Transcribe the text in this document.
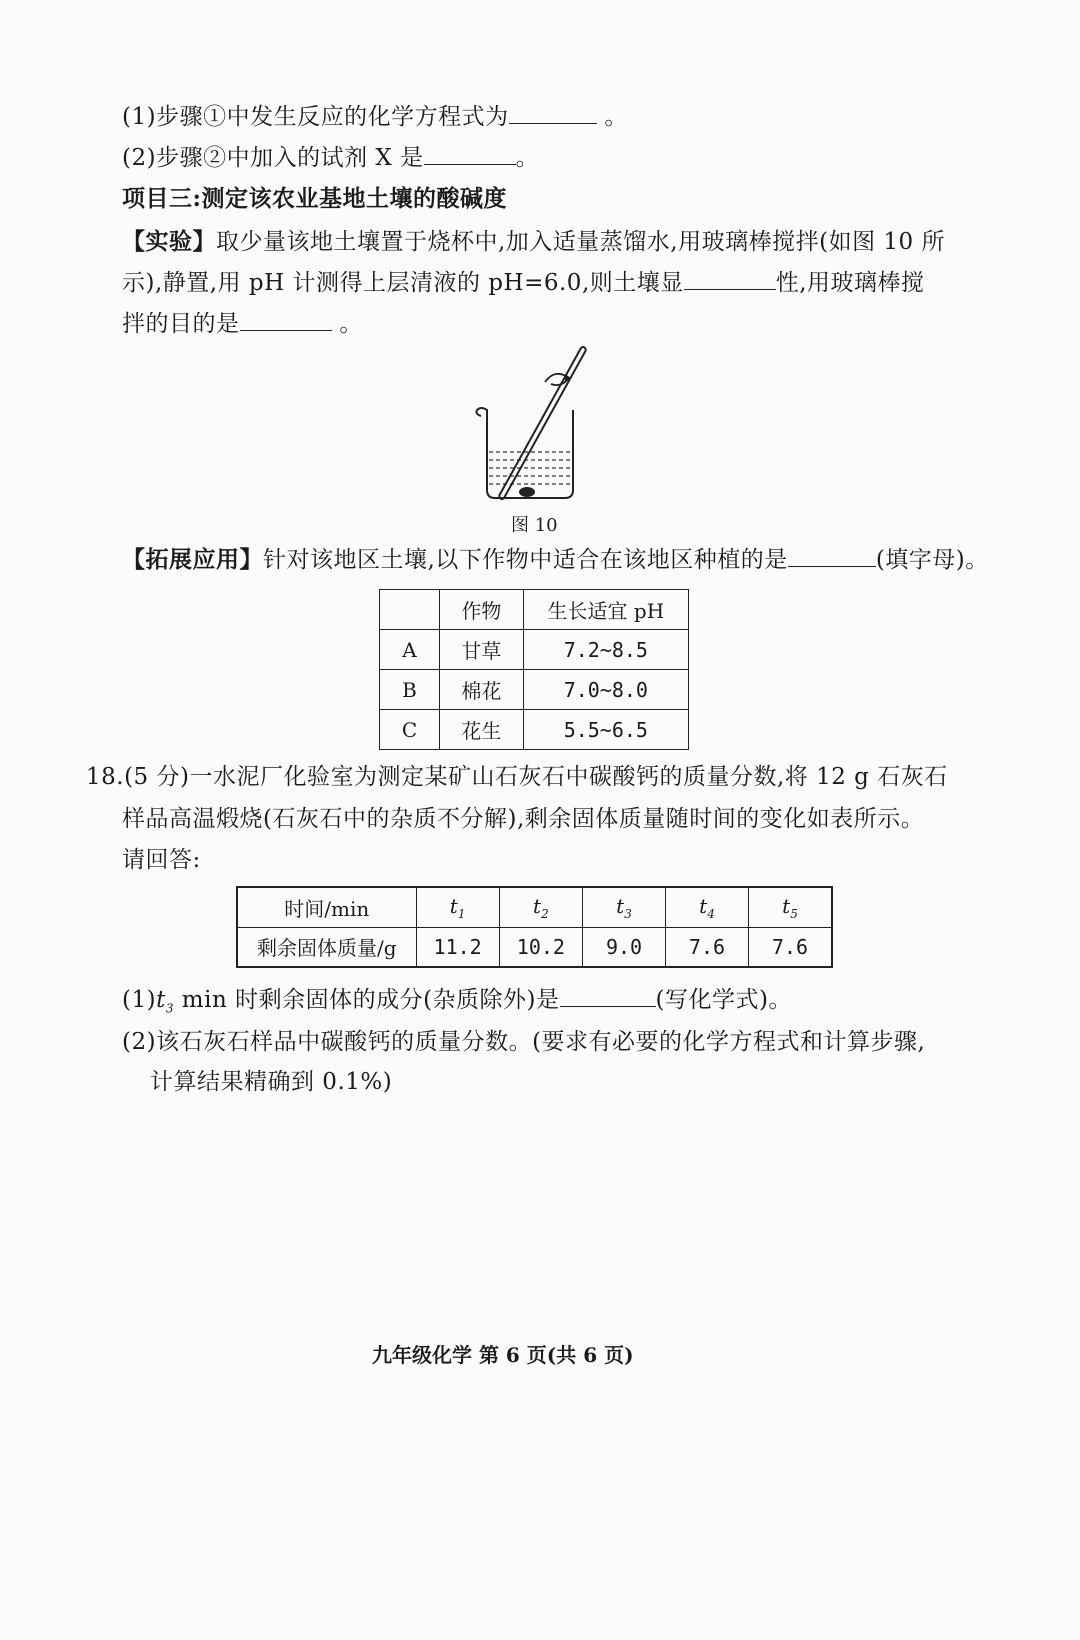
(1)步骤①中发生反应的化学方程式为	。
(2)步骤②中加入的试剂 X 是	。
项目三:测定该农业基地土壤的酸碱度
【实验】取少量该地土壤置于烧杯中,加入适量蒸馏水,用玻璃棒搅拌(如图 10 所
示),静置,用 pH 计测得上层清液的 pH=6.0,则土壤显	性,用玻璃棒搅
拌的目的是	。
图 10
【拓展应用】针对该地区土壤,以下作物中适合在该地区种植的是	(填字母)。
	作物	生长适宜 pH
A	甘草	7.2~8.5
B	棉花	7.0~8.0
C	花生	5.5~6.5
18.(5 分)一水泥厂化验室为测定某矿山石灰石中碳酸钙的质量分数,将 12 g 石灰石
样品高温煅烧(石灰石中的杂质不分解),剩余固体质量随时间的变化如表所示。
请回答:
时间/min	$t_1$	$t_2$	$t_3$	$t_4$	$t_5$
剩余固体质量/g	11.2	10.2	9.0	7.6	7.6
$(1)t_3$ min 时剩余固体的成分(杂质除外)是	(写化学式)。
(2)该石灰石样品中碳酸钙的质量分数。(要求有必要的化学方程式和计算步骤,
计算结果精确到 0.1%)
九年级化学 第 6 页(共 6 页)
